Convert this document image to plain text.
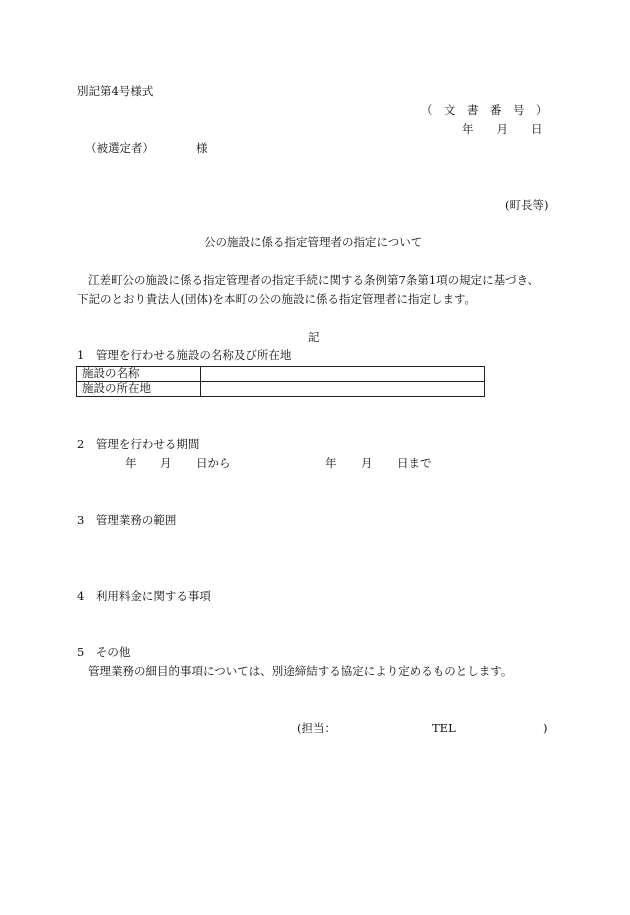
別記第4号様式
（　文　書　番　号　）
年　　月　　日
（被選定者）	様
(町長等)
公の施設に係る指定管理者の指定について
江差町公の施設に係る指定管理者の指定手続に関する条例第7条第1項の規定に基づき、
下記のとおり貴法人(団体)を本町の公の施設に係る指定管理者に指定します。
記
1　管理を行わせる施設の名称及び所在地
施設の名称	
施設の所在地	
2　管理を行わせる期間
年 月 日から	年 月 日まで
3　管理業務の範囲
4　利用料金に関する事項
5　その他
管理業務の細目的事項については、別途締結する協定により定めるものとします。
(担当：	TEL	)
